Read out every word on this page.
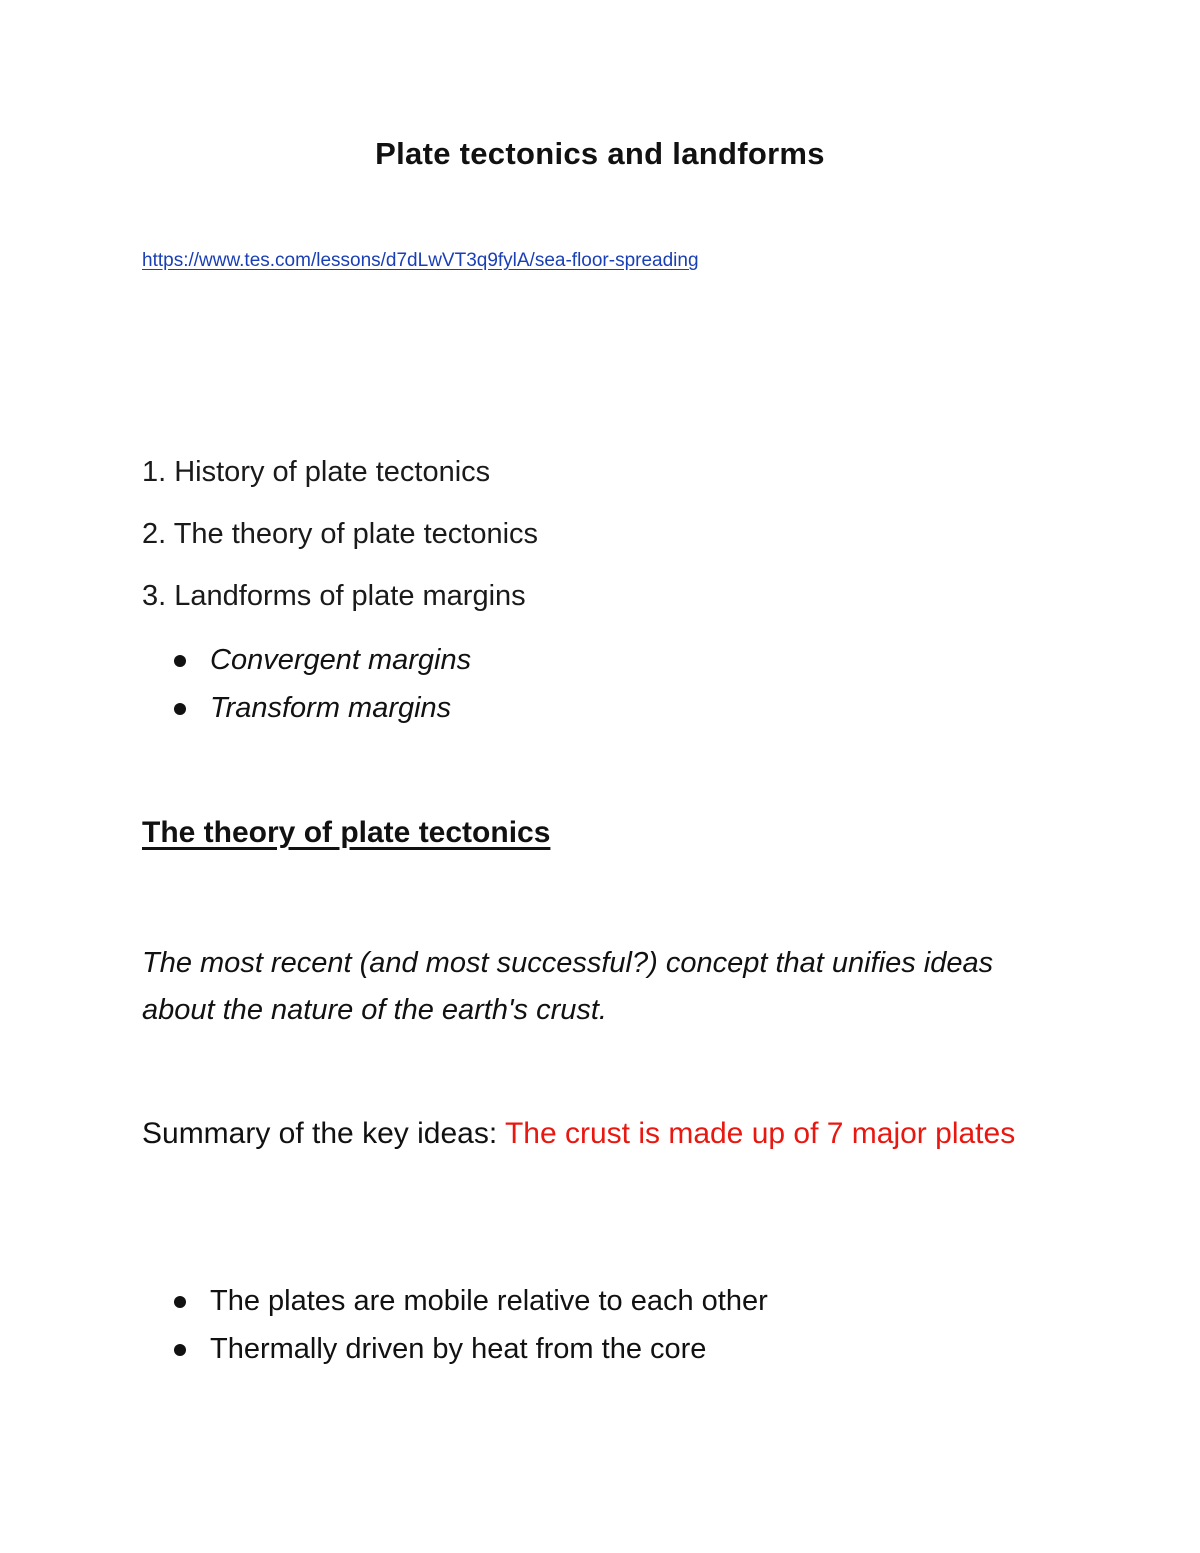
Plate tectonics and landforms
https://www.tes.com/lessons/d7dLwVT3q9fylA/sea-floor-spreading

1. History of plate tectonics

2. The theory of plate tectonics

3. Landforms of plate margins

Convergent margins
Transform margins
The theory of plate tectonics

The most recent (and most successful?) concept that unifies ideas about the nature of the earth's crust.

Summary of the key ideas: The crust is made up of 7 major plates

The plates are mobile relative to each other
Thermally driven by heat from the core
